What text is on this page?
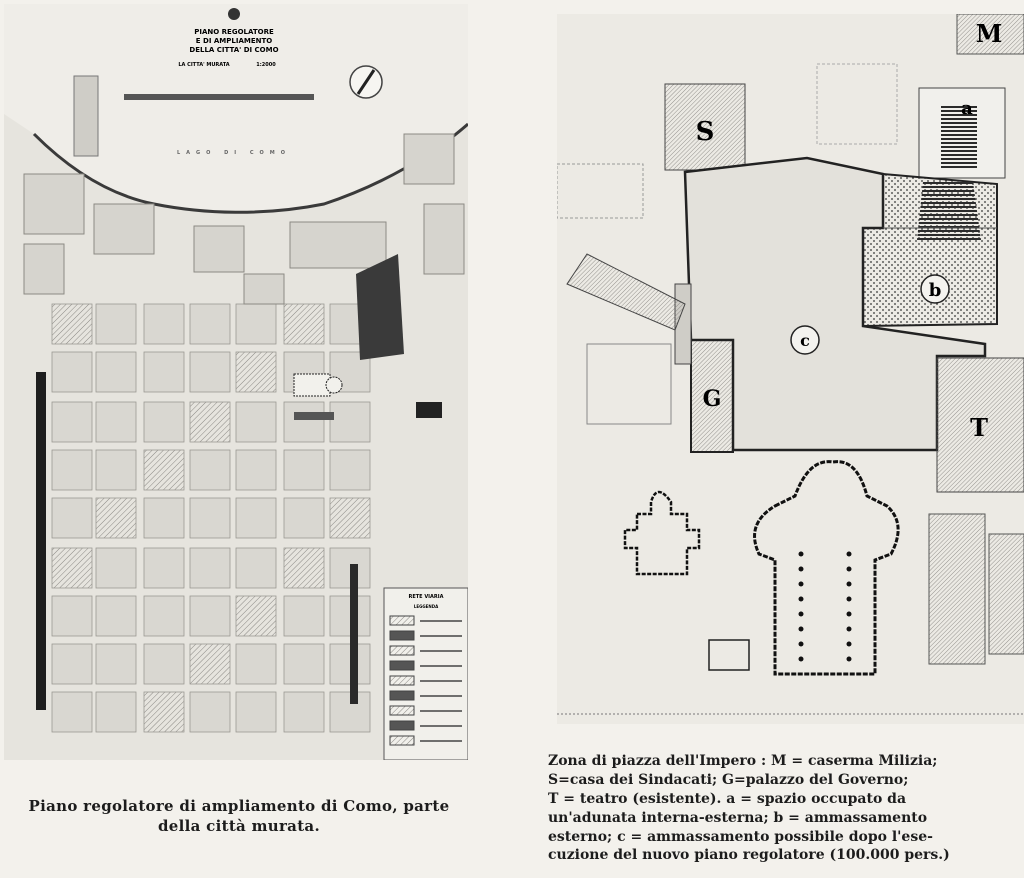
PIANO REGOLATORE
E DI AMPLIAMENTO
DELLA CITTA' DI COMO
LA CITTA' MURATA	1:2000
LAGO DI COMO
RETE VIARIA
LEGGENDA
M
S
a
b
c
G
T

Piano regolatore di ampliamento di Como, parte
della città murata.

Zona di piazza dell'Impero : M = caserma Milizia;
S=casa dei Sindacati; G=palazzo del Governo;
T = teatro (esistente). a = spazio occupato da
un'adunata interna-esterna; b = ammassamento
esterno; c = ammassamento possibile dopo l'ese-
cuzione del nuovo piano regolatore (100.000 pers.)
